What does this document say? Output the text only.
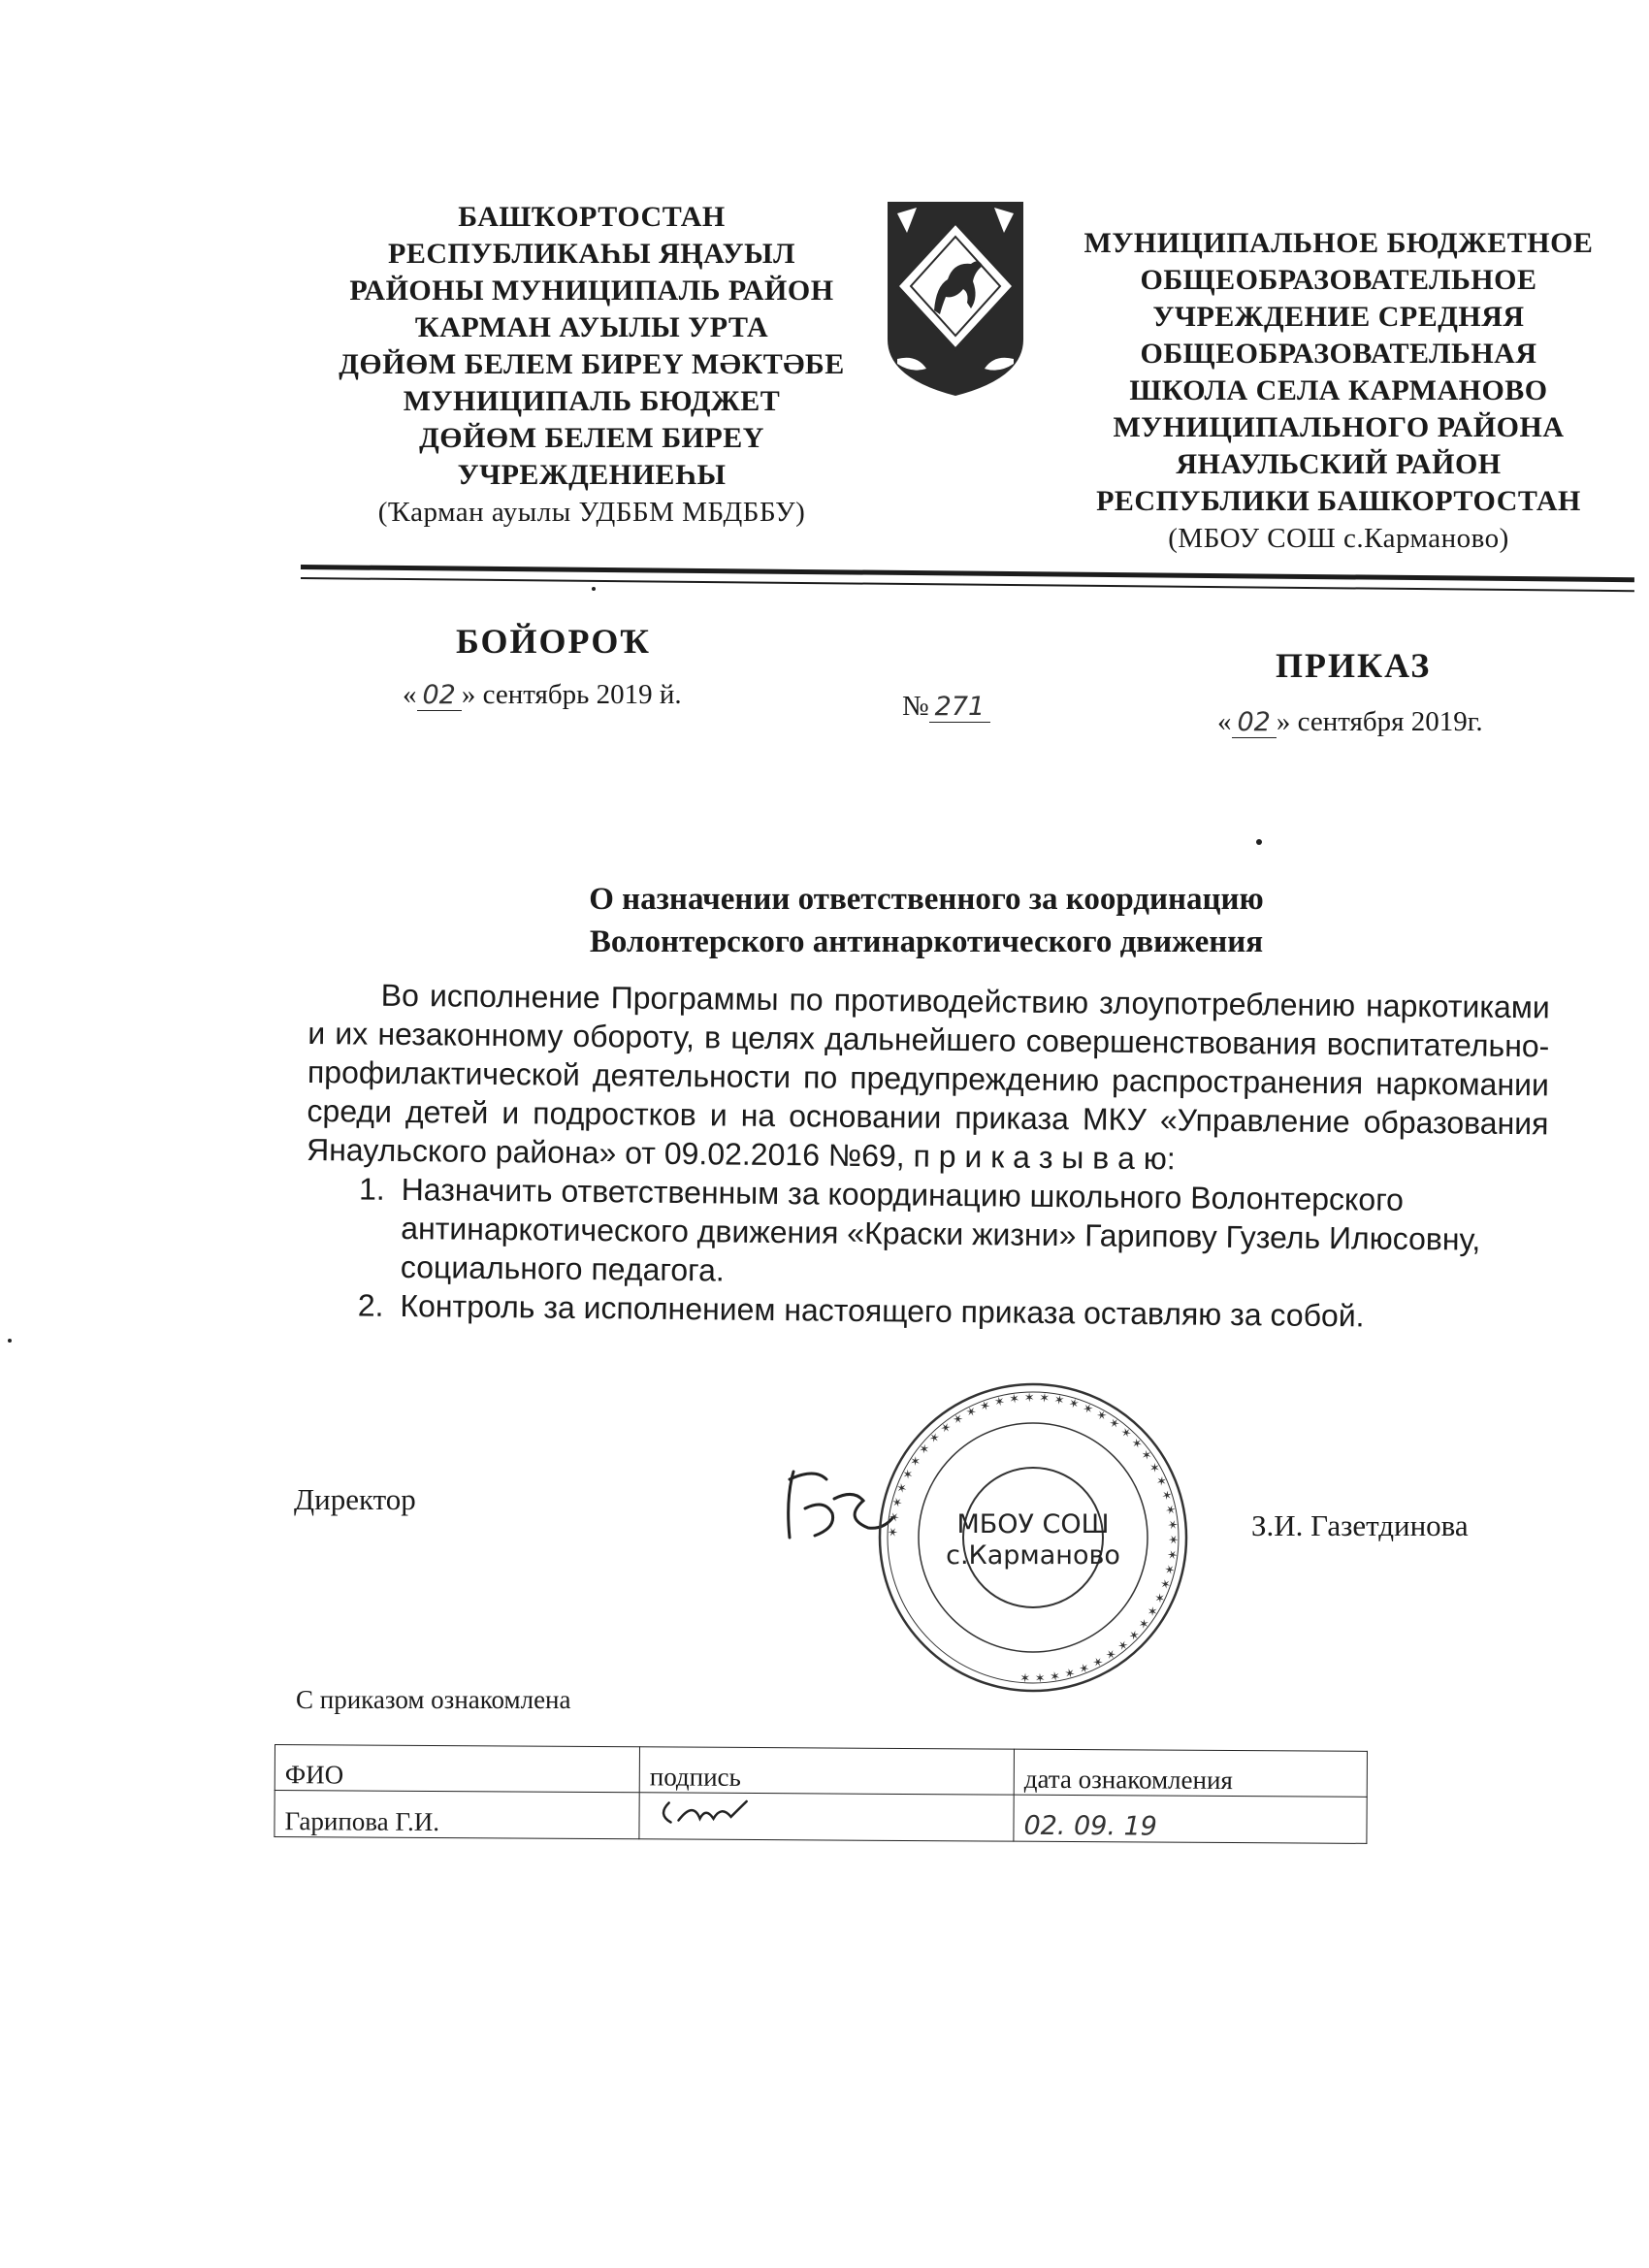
БАШҠОРТОСТАН
РЕСПУБЛИКАҺЫ ЯҢАУЫЛ
РАЙОНЫ МУНИЦИПАЛЬ РАЙОН
ҠАРМАН АУЫЛЫ УРТА
ДӨЙӨМ БЕЛЕМ БИРЕҮ МӘКТӘБЕ
МУНИЦИПАЛЬ БЮДЖЕТ
ДӨЙӨМ БЕЛЕМ БИРЕҮ
УЧРЕЖДЕНИЕҺЫ
(Ҡарман ауылы УДББМ МБДББУ)
МУНИЦИПАЛЬНОЕ БЮДЖЕТНОЕ
ОБЩЕОБРАЗОВАТЕЛЬНОЕ
УЧРЕЖДЕНИЕ СРЕДНЯЯ
ОБЩЕОБРАЗОВАТЕЛЬНАЯ
ШКОЛА СЕЛА КАРМАНОВО
МУНИЦИПАЛЬНОГО РАЙОНА
ЯНАУЛЬСКИЙ РАЙОН
РЕСПУБЛИКИ БАШКОРТОСТАН
(МБОУ СОШ с.Карманово)
БОЙОРОҠ
« 02 » сентябрь 2019 й.	№ 271
ПРИКАЗ
« 02 » сентября 2019г.
О назначении ответственного за координацию
Волонтерского антинаркотического движения

Во исполнение Программы по противодействию злоупотреблению наркотиками и их незаконному обороту, в целях дальнейшего совершенствования воспитательно-профилактической деятельности по предупреждению распространения наркомании среди детей и подростков и на основании приказа МКУ «Управление образования Янаульского района» от 09.02.2016 №69, п р и к а з ы в а ю:

1. Назначить ответственным за координацию школьного Волонтерского антинаркотического движения «Краски жизни» Гарипову Гузель Илюсовну, социального педагога.
2. Контроль за исполнением настоящего приказа оставляю за собой.
Директор
✶ ✶ ✶ ✶ ✶ ✶ ✶ ✶ ✶ ✶ ✶ ✶ ✶ ✶ ✶ ✶ ✶ ✶ ✶ ✶ ✶ ✶ ✶ ✶ ✶ ✶ ✶ ✶ ✶ ✶ ✶ ✶ ✶ ✶ ✶ ✶ ✶ ✶ ✶ ✶ ✶ ✶ ✶ ✶ ✶
МБОУ СОШ
с.Карманово
З.И. Газетдинова
С приказом ознакомлена
ФИО	подпись	дата ознакомления
Гарипова Г.И.		02. 09. 19
